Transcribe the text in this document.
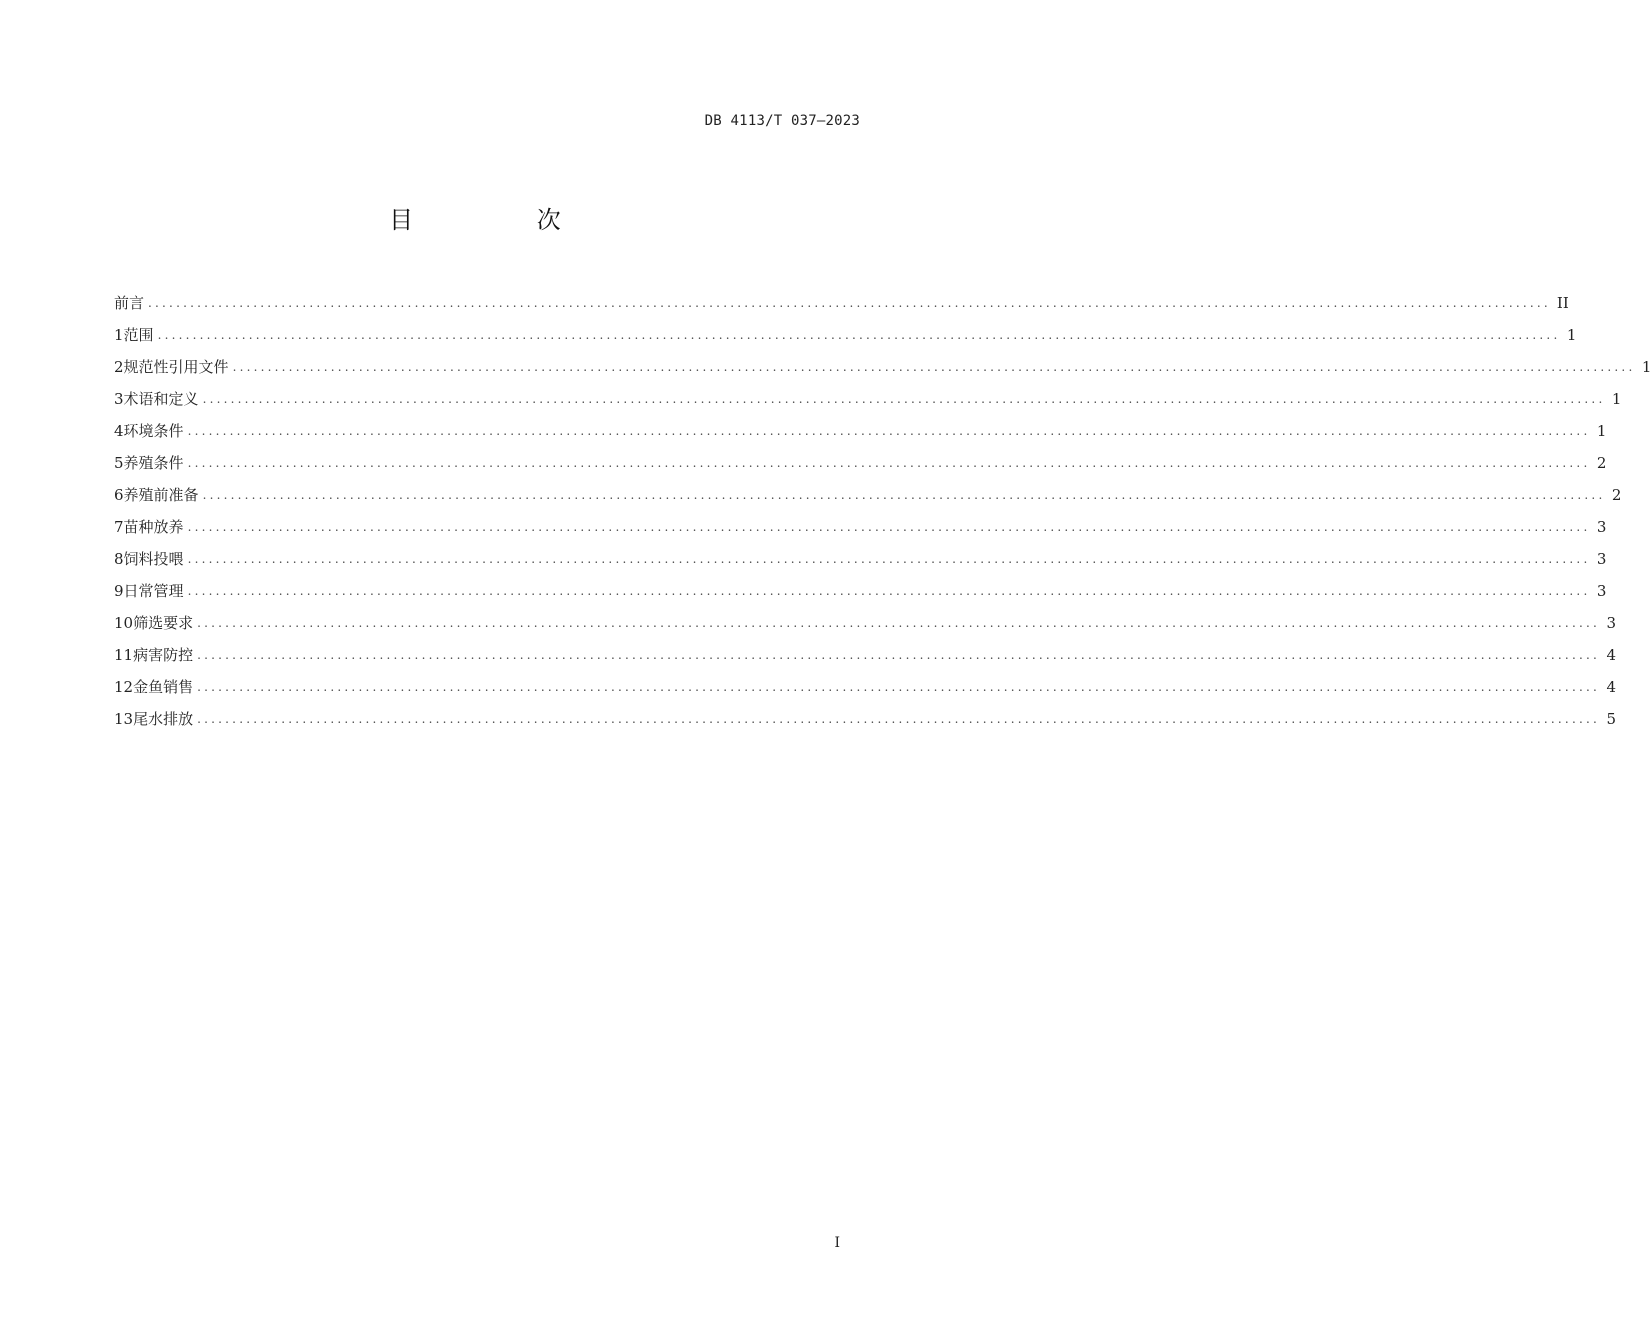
DB 4113/T 037—2023
目 次
前言 ........................................................................................................................................................................................................ II
1 范围 ........................................................................................................................................................................................................ 1
2 规范性引用文件 ........................................................................................................................................................................................................ 1
3 术语和定义 ........................................................................................................................................................................................................ 1
4 环境条件 ........................................................................................................................................................................................................ 1
5 养殖条件 ........................................................................................................................................................................................................ 2
6 养殖前准备 ........................................................................................................................................................................................................ 2
7 苗种放养 ........................................................................................................................................................................................................ 3
8 饲料投喂 ........................................................................................................................................................................................................ 3
9 日常管理 ........................................................................................................................................................................................................ 3
10 筛选要求 ........................................................................................................................................................................................................ 3
11 病害防控 ........................................................................................................................................................................................................ 4
12 金鱼销售 ........................................................................................................................................................................................................ 4
13 尾水排放 ........................................................................................................................................................................................................ 5
I
